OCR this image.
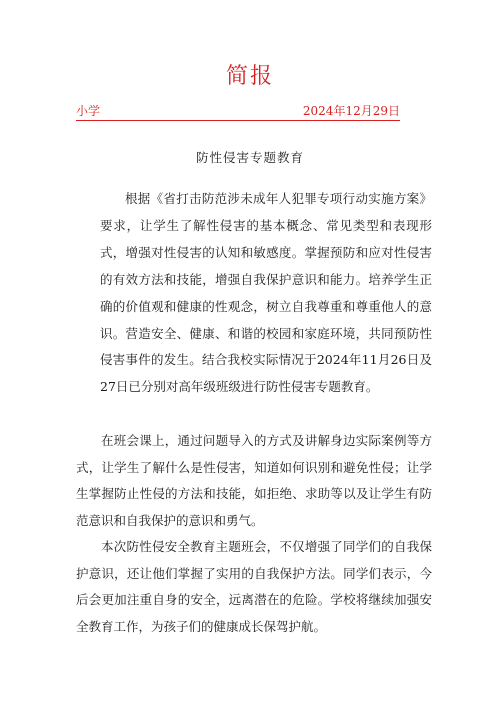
简报
小学	2024年12月29日
防性侵害专题教育

根据《省打击防范涉未成年人犯罪专项行动实施方案》要求，让学生了解性侵害的基本概念、常见类型和表现形式，增强对性侵害的认知和敏感度。掌握预防和应对性侵害的有效方法和技能，增强自我保护意识和能力。培养学生正确的价值观和健康的性观念，树立自我尊重和尊重他人的意识。营造安全、健康、和谐的校园和家庭环境，共同预防性侵害事件的发生。结合我校实际情况于2024年11月26日及27日已分别对高年级班级进行防性侵害专题教育。

在班会课上，通过问题导入的方式及讲解身边实际案例等方式，让学生了解什么是性侵害，知道如何识别和避免性侵；让学生掌握防止性侵的方法和技能，如拒绝、求助等以及让学生有防范意识和自我保护的意识和勇气。

本次防性侵安全教育主题班会，不仅增强了同学们的自我保护意识，还让他们掌握了实用的自我保护方法。同学们表示，今后会更加注重自身的安全，远离潜在的危险。学校将继续加强安全教育工作，为孩子们的健康成长保驾护航。
